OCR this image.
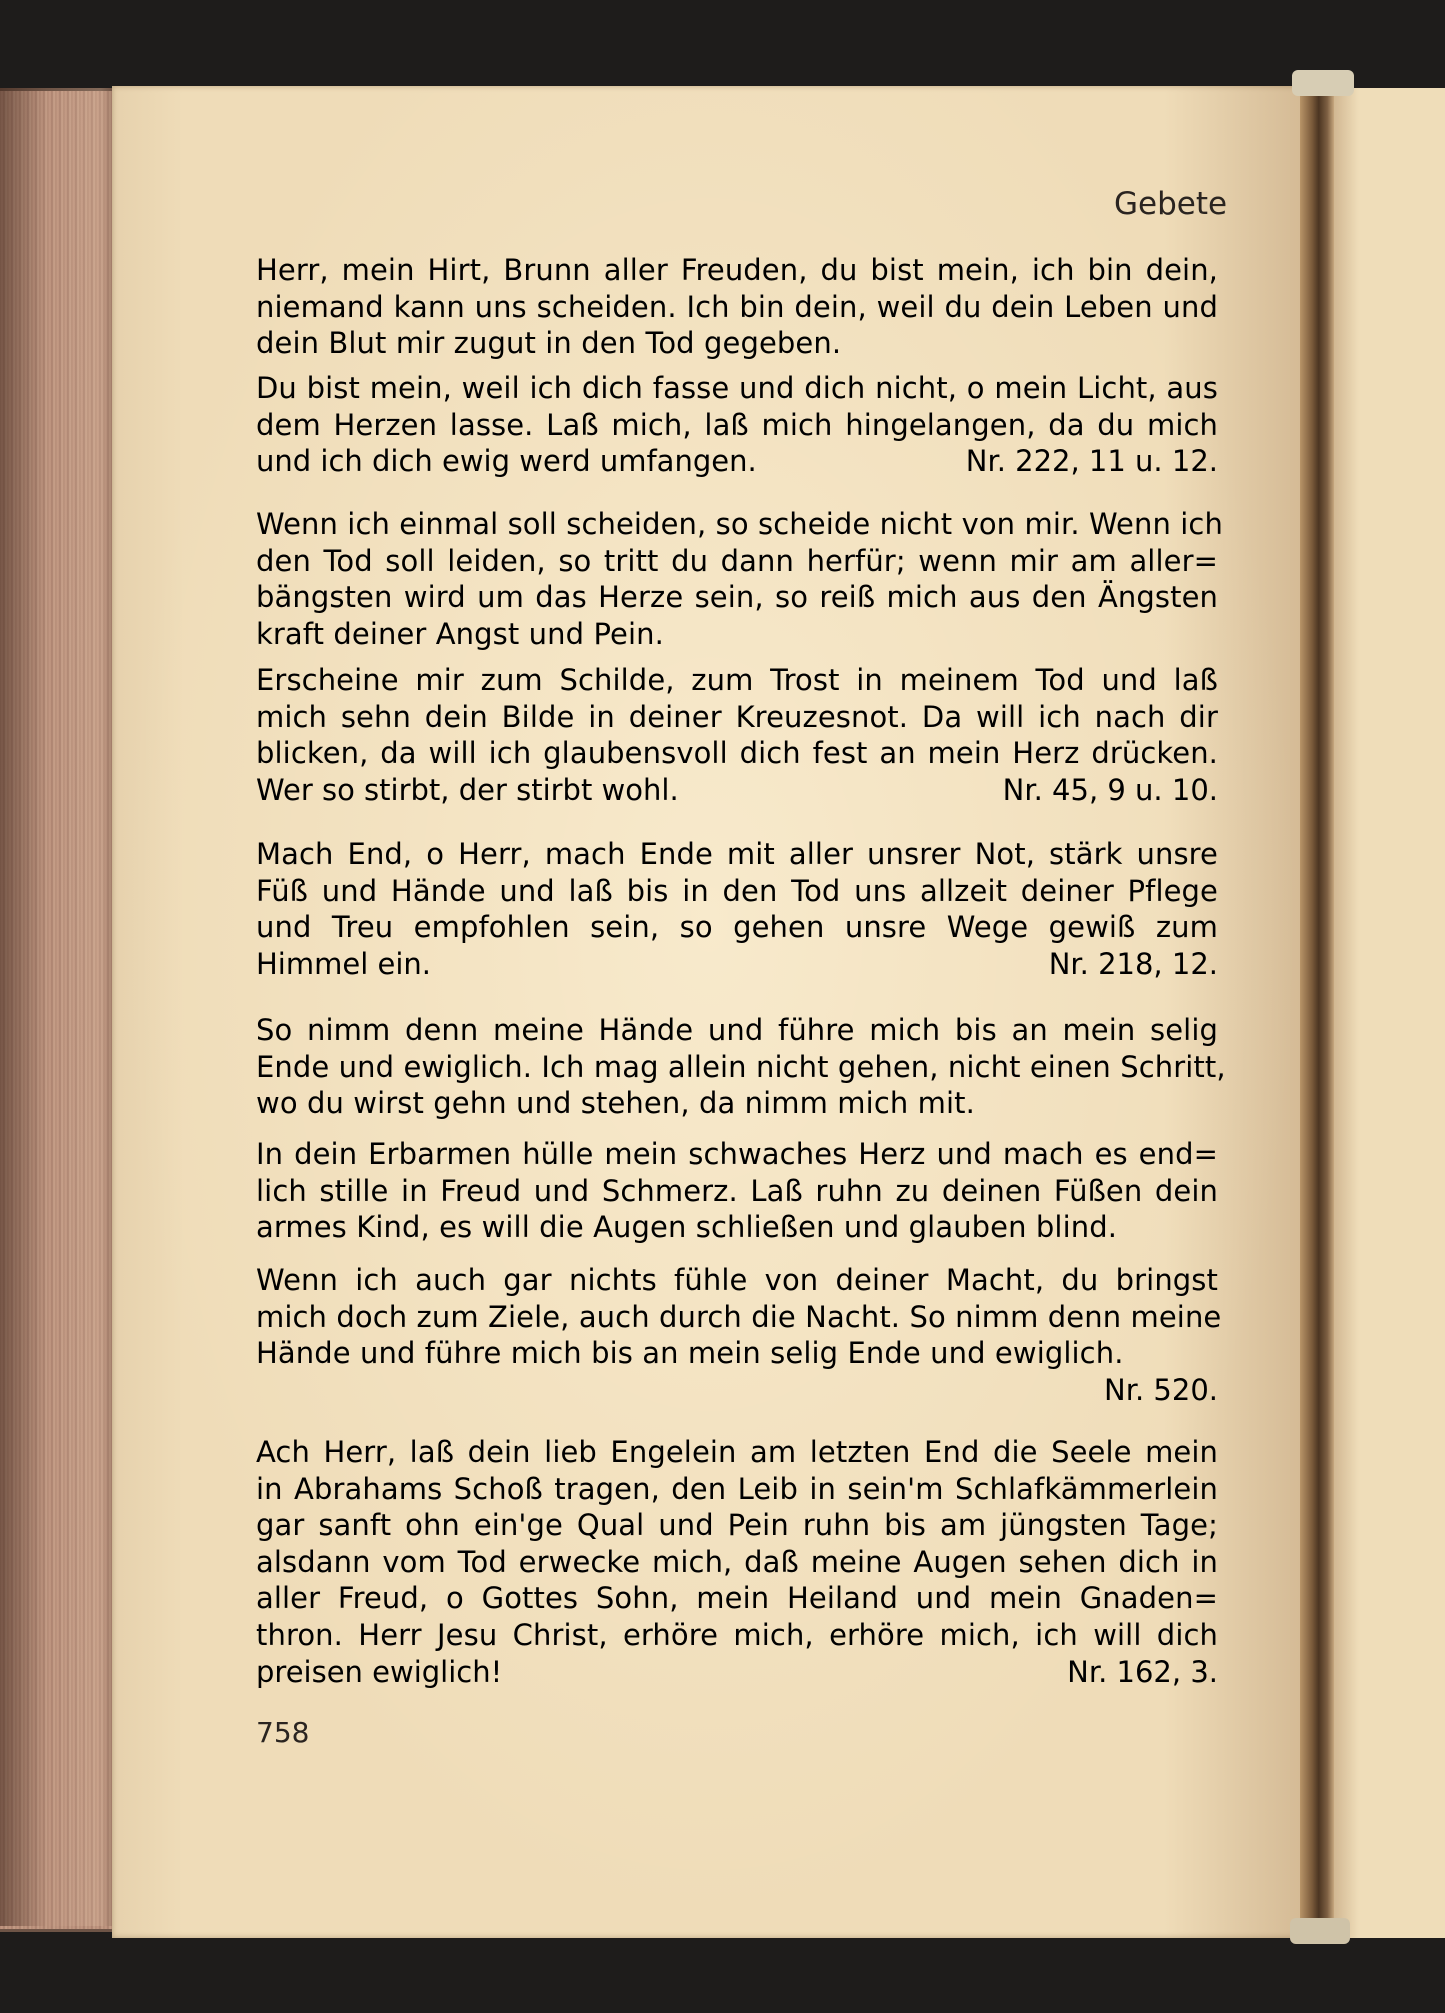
Gebete
Herr, mein Hirt, Brunn aller Freuden, du bist mein, ich bin dein,
niemand kann uns scheiden. Ich bin dein, weil du dein Leben und
dein Blut mir zugut in den Tod gegeben.
Du bist mein, weil ich dich fasse und dich nicht, o mein Licht, aus
dem Herzen lasse. Laß mich, laß mich hingelangen, da du mich
und ich dich ewig werd umfangen.	Nr. 222, 11 u. 12.
Wenn ich einmal soll scheiden, so scheide nicht von mir. Wenn ich
den Tod soll leiden, so tritt du dann herfür; wenn mir am aller=
bängsten wird um das Herze sein, so reiß mich aus den Ängsten
kraft deiner Angst und Pein.
Erscheine mir zum Schilde, zum Trost in meinem Tod und laß
mich sehn dein Bilde in deiner Kreuzesnot. Da will ich nach dir
blicken, da will ich glaubensvoll dich fest an mein Herz drücken.
Wer so stirbt, der stirbt wohl.	Nr. 45, 9 u. 10.
Mach End, o Herr, mach Ende mit aller unsrer Not, stärk unsre
Füß und Hände und laß bis in den Tod uns allzeit deiner Pflege
und Treu empfohlen sein, so gehen unsre Wege gewiß zum
Himmel ein.	Nr. 218, 12.
So nimm denn meine Hände und führe mich bis an mein selig
Ende und ewiglich. Ich mag allein nicht gehen, nicht einen Schritt,
wo du wirst gehn und stehen, da nimm mich mit.
In dein Erbarmen hülle mein schwaches Herz und mach es end=
lich stille in Freud und Schmerz. Laß ruhn zu deinen Füßen dein
armes Kind, es will die Augen schließen und glauben blind.
Wenn ich auch gar nichts fühle von deiner Macht, du bringst
mich doch zum Ziele, auch durch die Nacht. So nimm denn meine
Hände und führe mich bis an mein selig Ende und ewiglich.
Nr. 520.
Ach Herr, laß dein lieb Engelein am letzten End die Seele mein
in Abrahams Schoß tragen, den Leib in sein'm Schlafkämmerlein
gar sanft ohn ein'ge Qual und Pein ruhn bis am jüngsten Tage;
alsdann vom Tod erwecke mich, daß meine Augen sehen dich in
aller Freud, o Gottes Sohn, mein Heiland und mein Gnaden=
thron. Herr Jesu Christ, erhöre mich, erhöre mich, ich will dich
preisen ewiglich!	Nr. 162, 3.
758
